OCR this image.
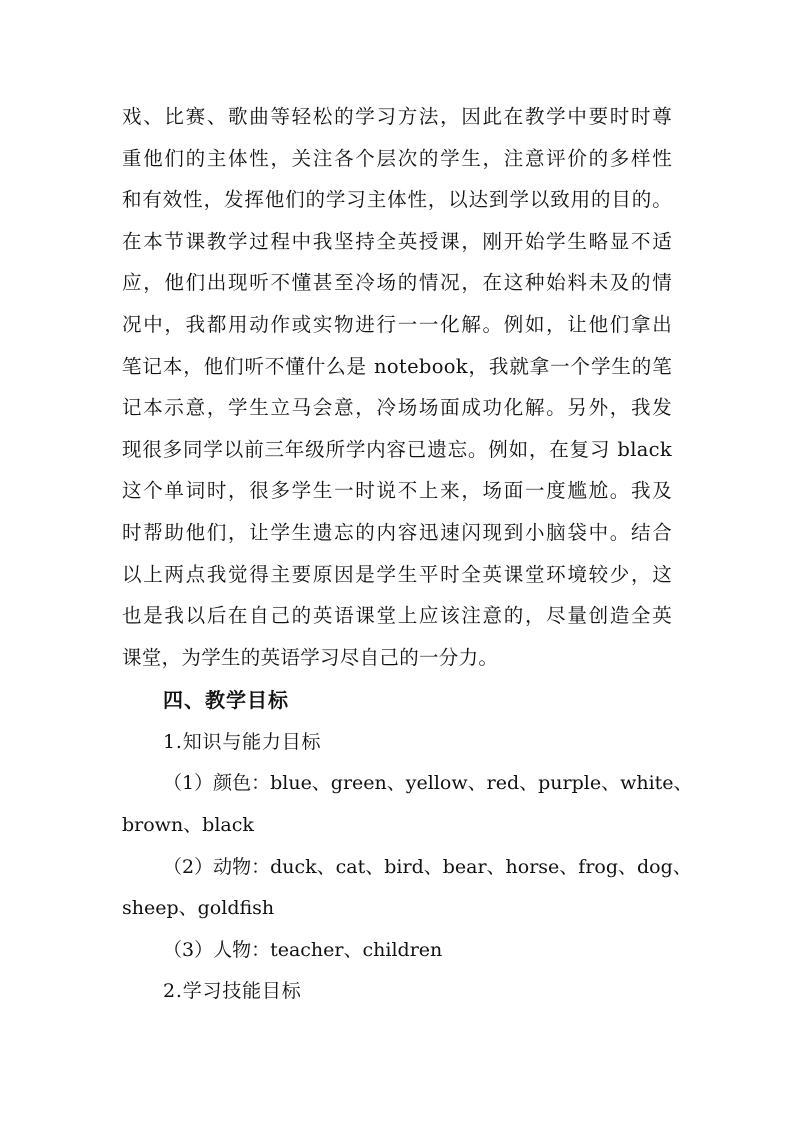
戏、比赛、歌曲等轻松的学习方法，因此在教学中要时时尊
重他们的主体性，关注各个层次的学生，注意评价的多样性
和有效性，发挥他们的学习主体性，以达到学以致用的目的。
在本节课教学过程中我坚持全英授课，刚开始学生略显不适
应，他们出现听不懂甚至冷场的情况，在这种始料未及的情
况中，我都用动作或实物进行一一化解。例如，让他们拿出
笔记本，他们听不懂什么是 notebook，我就拿一个学生的笔
记本示意，学生立马会意，冷场场面成功化解。另外，我发
现很多同学以前三年级所学内容已遗忘。例如，在复习 black
这个单词时，很多学生一时说不上来，场面一度尴尬。我及
时帮助他们，让学生遗忘的内容迅速闪现到小脑袋中。结合
以上两点我觉得主要原因是学生平时全英课堂环境较少，这
也是我以后在自己的英语课堂上应该注意的，尽量创造全英
课堂，为学生的英语学习尽自己的一分力。
四、教学目标
1.知识与能力目标
（1）颜色：blue、green、yellow、red、purple、white、
brown、black
（2）动物：duck、cat、bird、bear、horse、frog、dog、
sheep、goldfish
（3）人物：teacher、children
2.学习技能目标
